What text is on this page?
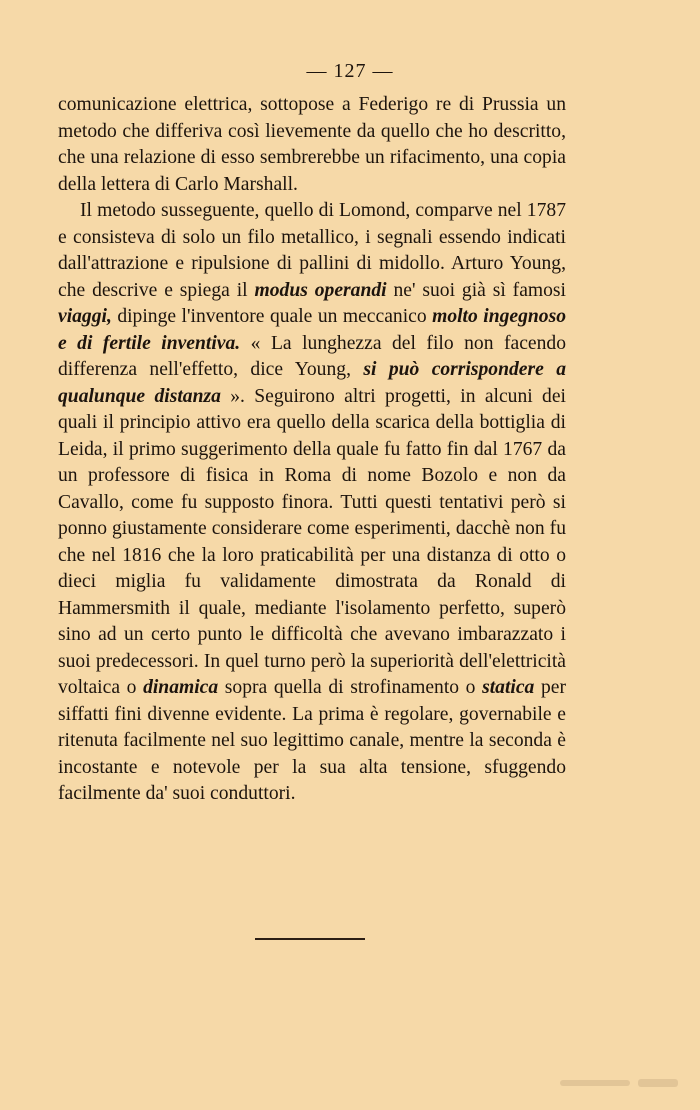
— 127 —

comunicazione elettrica, sottopose a Federigo re di Prussia un metodo che differiva così lievemente da quello che ho descritto, che una relazione di esso sembrerebbe un rifacimento, una copia della lettera di Carlo Marshall.

Il metodo susseguente, quello di Lomond, comparve nel 1787 e consisteva di solo un filo metallico, i segnali essendo indicati dall'attrazione e ripulsione di pallini di midollo. Arturo Young, che descrive e spiega il modus operandi ne' suoi già sì famosi viaggi, dipinge l'inventore quale un meccanico molto ingegnoso e di fertile inventiva. « La lunghezza del filo non facendo differenza nell'effetto, dice Young, si può corrispondere a qualunque distanza ». Seguirono altri progetti, in alcuni dei quali il principio attivo era quello della scarica della bottiglia di Leida, il primo suggerimento della quale fu fatto fin dal 1767 da un professore di fisica in Roma di nome Bozolo e non da Cavallo, come fu supposto finora. Tutti questi tentativi però si ponno giustamente considerare come esperimenti, dacchè non fu che nel 1816 che la loro praticabilità per una distanza di otto o dieci miglia fu validamente dimostrata da Ronald di Hammersmith il quale, mediante l'isolamento perfetto, superò sino ad un certo punto le difficoltà che avevano imbarazzato i suoi predecessori. In quel turno però la superiorità dell'elettricità voltaica o dinamica sopra quella di strofinamento o statica per siffatti fini divenne evidente. La prima è regolare, governabile e ritenuta facilmente nel suo legittimo canale, mentre la seconda è incostante e notevole per la sua alta tensione, sfuggendo facilmente da' suoi conduttori.
